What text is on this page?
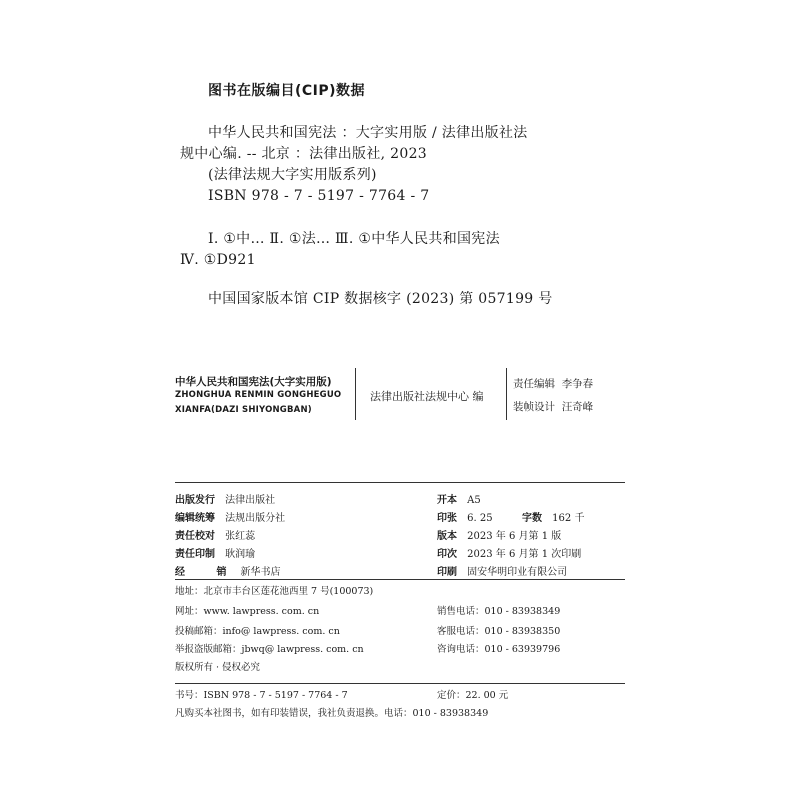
图书在版编目(CIP)数据
中华人民共和国宪法 ：大字实用版 / 法律出版社法
规中心编. -- 北京 ：法律出版社, 2023
(法律法规大字实用版系列)
ISBN 978 - 7 - 5197 - 7764 - 7
Ⅰ. ①中… Ⅱ. ①法… Ⅲ. ①中华人民共和国宪法
Ⅳ. ①D921
中国国家版本馆 CIP 数据核字 (2023) 第 057199 号
中华人民共和国宪法(大字实用版)
ZHONGHUA RENMIN GONGHEGUO
XIANFA(DAZI SHIYONGBAN)
法律出版社法规中心 编
责任编辑 李争春
装帧设计 汪奇峰
出版发行 法律出版社
编辑统筹 法规出版分社
责任校对 张红蕊
责任印制 耿润瑜
经 销新华书店
开本 A5
印张 6. 25	字数 162 千
版本 2023 年 6 月第 1 版
印次 2023 年 6 月第 1 次印刷
印刷 固安华明印业有限公司
地址：北京市丰台区莲花池西里 7 号(100073)
网址：www. lawpress. com. cn
投稿邮箱：info@ lawpress. com. cn
举报盗版邮箱：jbwq@ lawpress. com. cn
版权所有 · 侵权必究
销售电话：010 - 83938349
客服电话：010 - 83938350
咨询电话：010 - 63939796
书号：ISBN 978 - 7 - 5197 - 7764 - 7	定价：22. 00 元
凡购买本社图书，如有印装错误，我社负责退换。电话：010 - 83938349
